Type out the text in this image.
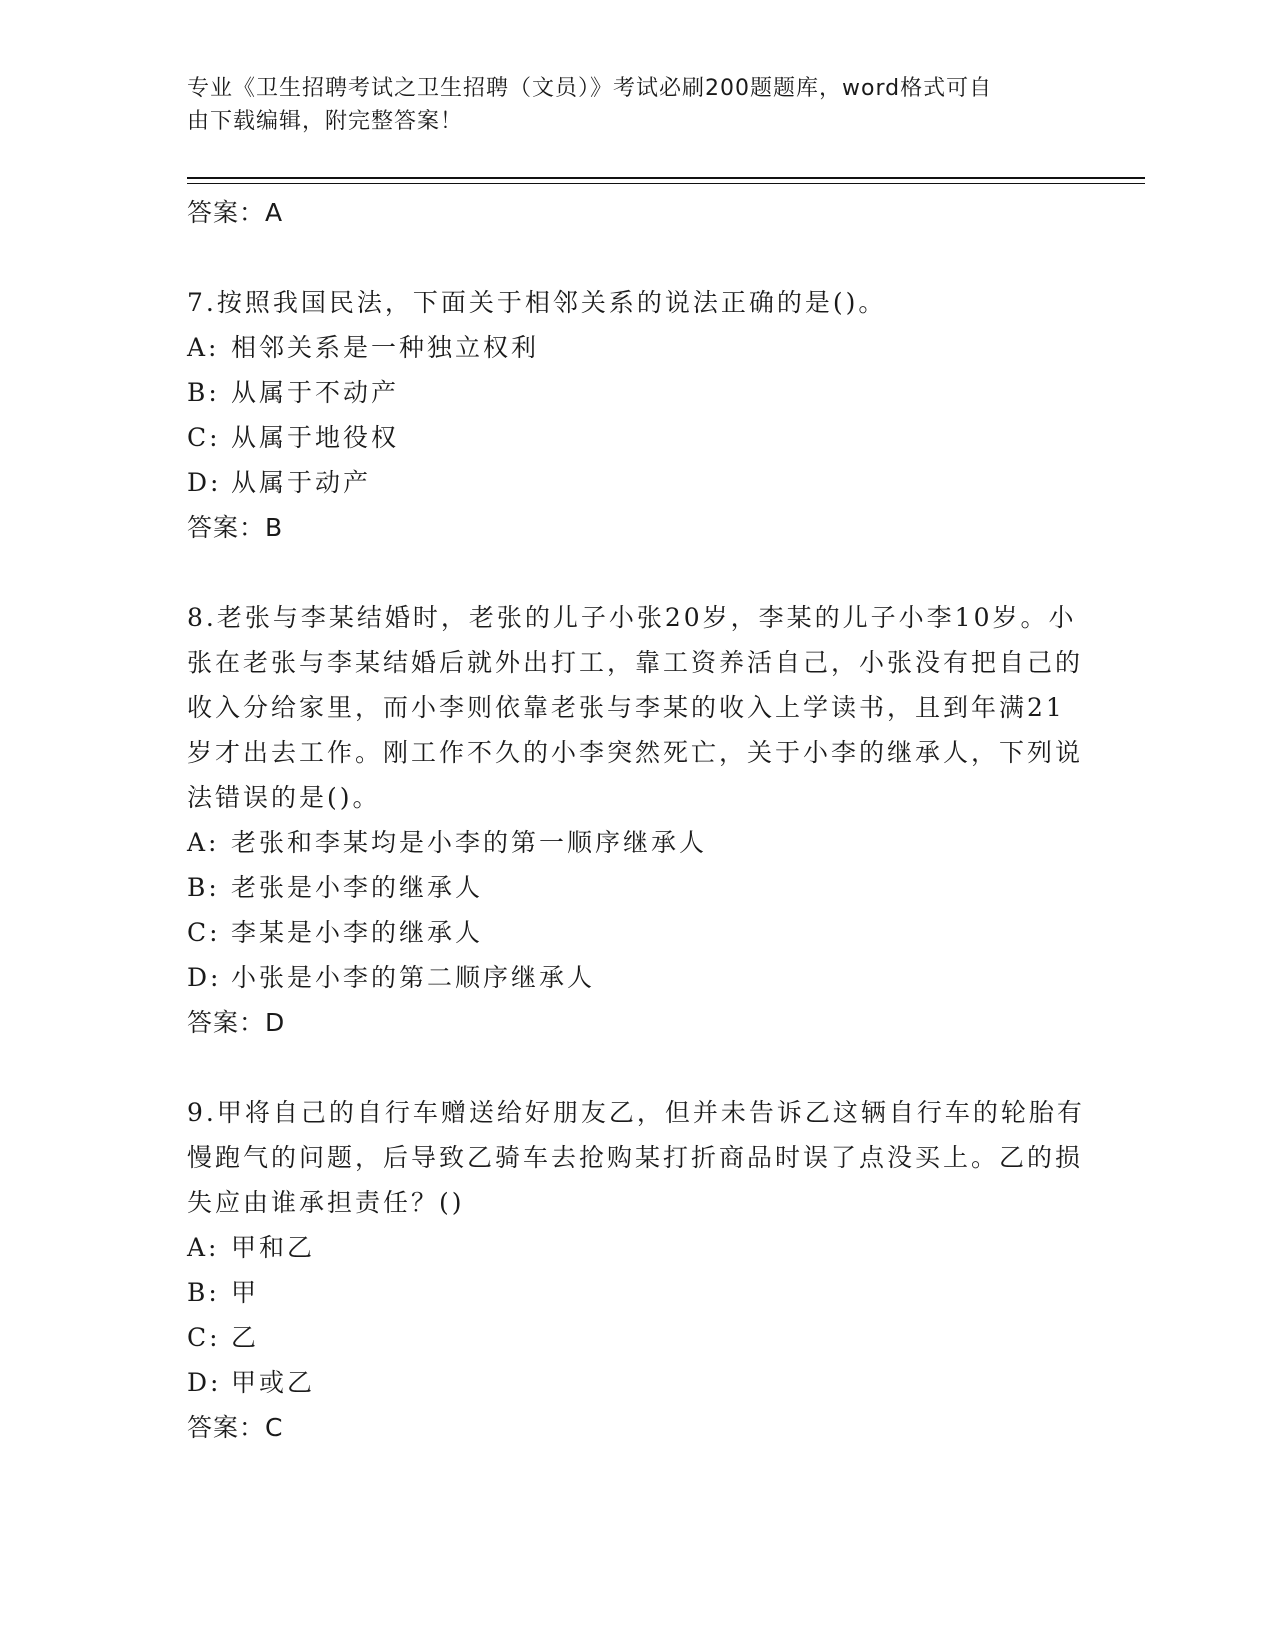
专业《卫生招聘考试之卫生招聘（文员）》考试必刷200题题库，word格式可自
由下载编辑，附完整答案！
答案：A
7.按照我国民法，下面关于相邻关系的说法正确的是()。
A: 相邻关系是一种独立权利
B: 从属于不动产
C: 从属于地役权
D: 从属于动产
答案：B
8.老张与李某结婚时，老张的儿子小张20岁，李某的儿子小李10岁。小张在老张与李某结婚后就外出打工，靠工资养活自己，小张没有把自己的收入分给家里，而小李则依靠老张与李某的收入上学读书，且到年满21岁才出去工作。刚工作不久的小李突然死亡，关于小李的继承人，下列说法错误的是()。
A: 老张和李某均是小李的第一顺序继承人
B: 老张是小李的继承人
C: 李某是小李的继承人
D: 小张是小李的第二顺序继承人
答案：D
9.甲将自己的自行车赠送给好朋友乙，但并未告诉乙这辆自行车的轮胎有慢跑气的问题，后导致乙骑车去抢购某打折商品时误了点没买上。乙的损失应由谁承担责任？()
A: 甲和乙
B: 甲
C: 乙
D: 甲或乙
答案：C
